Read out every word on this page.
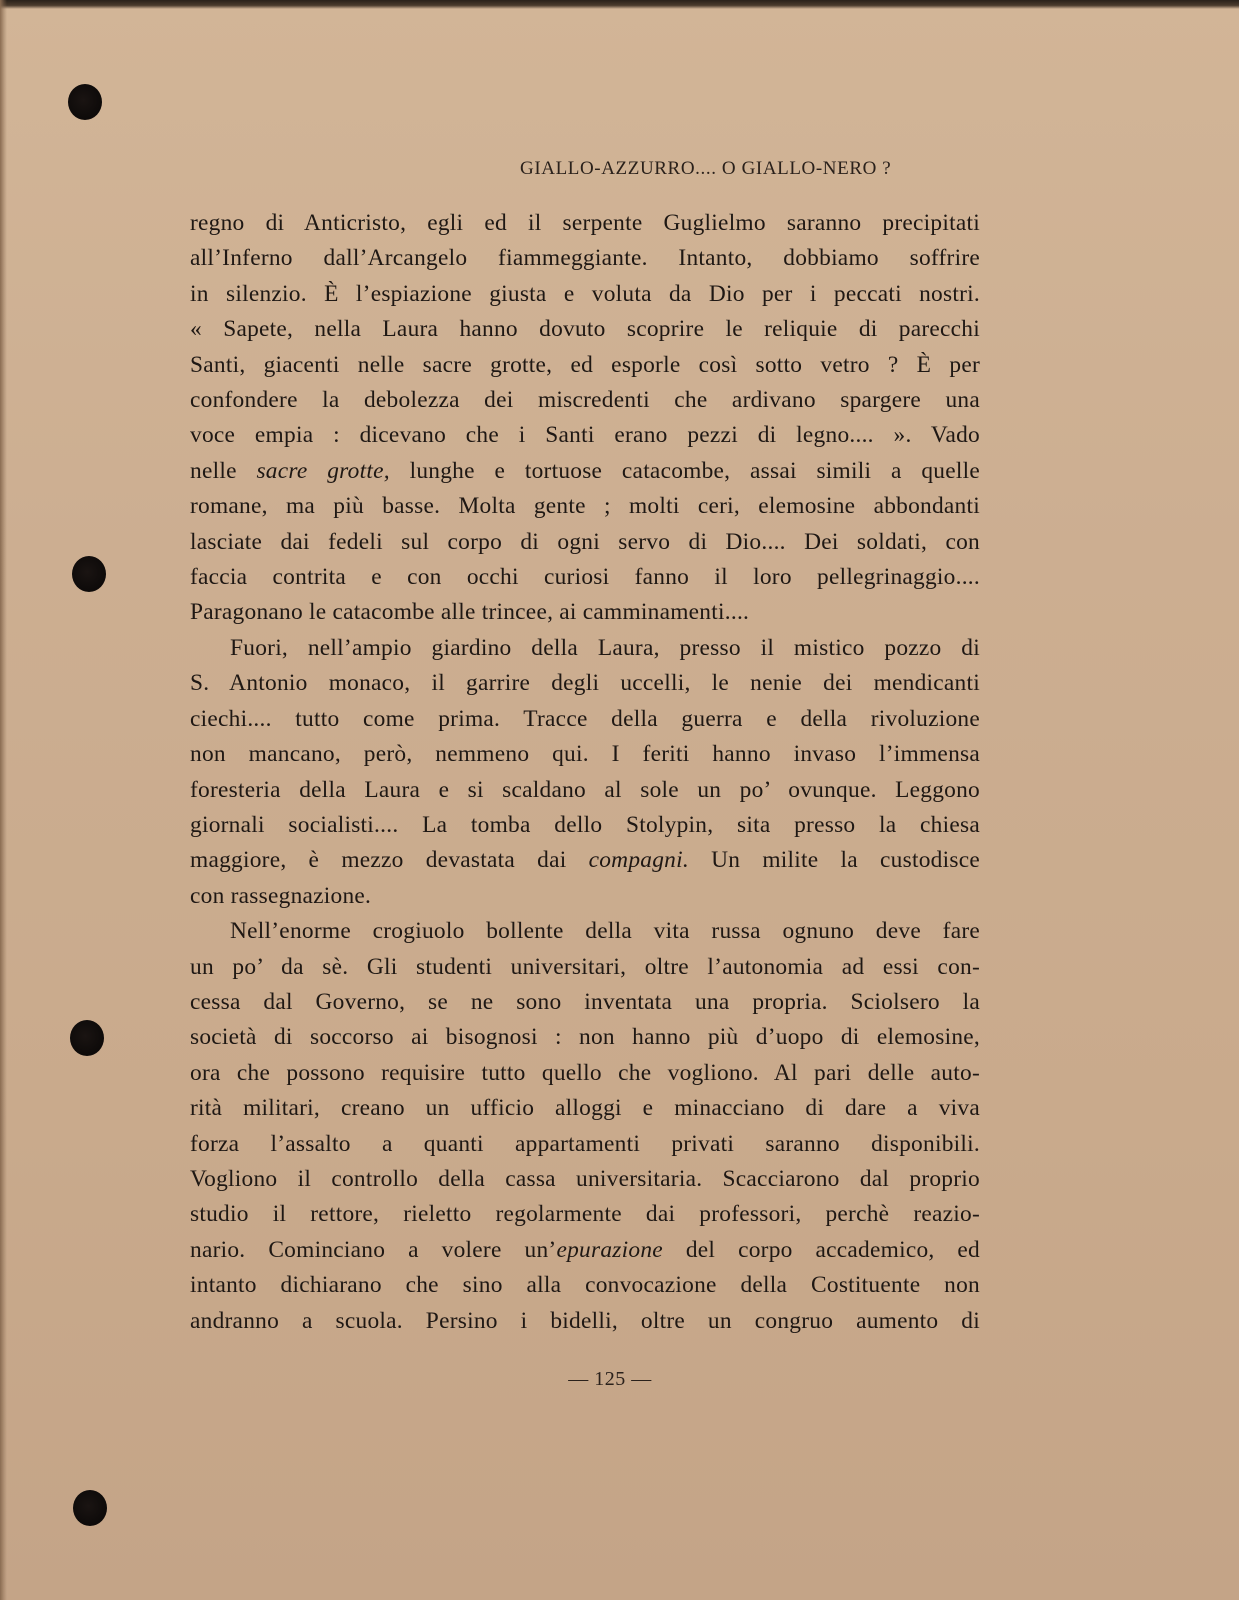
GIALLO-AZZURRO.... O GIALLO-NERO ?
regno di Anticristo, egli ed il serpente Guglielmo saranno precipitati
all’Inferno dall’Arcangelo fiammeggiante. Intanto, dobbiamo soffrire
in silenzio. È l’espiazione giusta e voluta da Dio per i peccati nostri.
« Sapete, nella Laura hanno dovuto scoprire le reliquie di parecchi
Santi, giacenti nelle sacre grotte, ed esporle così sotto vetro ? È per
confondere la debolezza dei miscredenti che ardivano spargere una
voce empia : dicevano che i Santi erano pezzi di legno.... ». Vado
nelle sacre grotte, lunghe e tortuose catacombe, assai simili a quelle
romane, ma più basse. Molta gente ; molti ceri, elemosine abbondanti
lasciate dai fedeli sul corpo di ogni servo di Dio.... Dei soldati, con
faccia contrita e con occhi curiosi fanno il loro pellegrinaggio....
Paragonano le catacombe alle trincee, ai camminamenti....
Fuori, nell’ampio giardino della Laura, presso il mistico pozzo di
S. Antonio monaco, il garrire degli uccelli, le nenie dei mendicanti
ciechi.... tutto come prima. Tracce della guerra e della rivoluzione
non mancano, però, nemmeno qui. I feriti hanno invaso l’immensa
foresteria della Laura e si scaldano al sole un po’ ovunque. Leggono
giornali socialisti.... La tomba dello Stolypin, sita presso la chiesa
maggiore, è mezzo devastata dai compagni. Un milite la custodisce
con rassegnazione.
Nell’enorme crogiuolo bollente della vita russa ognuno deve fare
un po’ da sè. Gli studenti universitari, oltre l’autonomia ad essi con-
cessa dal Governo, se ne sono inventata una propria. Sciolsero la
società di soccorso ai bisognosi : non hanno più d’uopo di elemosine,
ora che possono requisire tutto quello che vogliono. Al pari delle auto-
rità militari, creano un ufficio alloggi e minacciano di dare a viva
forza l’assalto a quanti appartamenti privati saranno disponibili.
Vogliono il controllo della cassa universitaria. Scacciarono dal proprio
studio il rettore, rieletto regolarmente dai professori, perchè reazio-
nario. Cominciano a volere un’epurazione del corpo accademico, ed
intanto dichiarano che sino alla convocazione della Costituente non
andranno a scuola. Persino i bidelli, oltre un congruo aumento di
— 125 —
